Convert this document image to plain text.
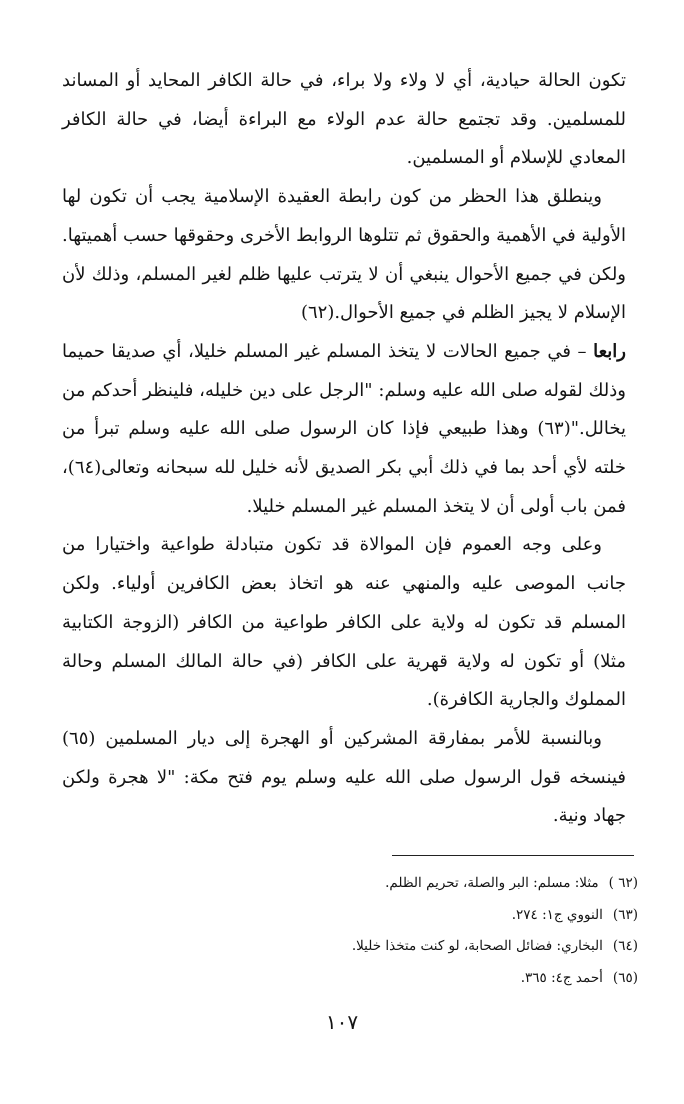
تكون الحالة حيادية، أي لا ولاء ولا براء، في حالة الكافر المحايد أو المساند للمسلمين. وقد تجتمع حالة عدم الولاء مع البراءة أيضا، في حالة الكافر المعادي للإسلام أو المسلمين.

وينطلق هذا الحظر من كون رابطة العقيدة الإسلامية يجب أن تكون لها الأولية في الأهمية والحقوق ثم تتلوها الروابط الأخرى وحقوقها حسب أهميتها. ولكن في جميع الأحوال ينبغي أن لا يترتب عليها ظلم لغير المسلم، وذلك لأن الإسلام لا يجيز الظلم في جميع الأحوال.(٦٢)

رابعا – في جميع الحالات لا يتخذ المسلم غير المسلم خليلا، أي صديقا حميما وذلك لقوله صلى الله عليه وسلم: "الرجل على دين خليله، فلينظر أحدكم من يخالل."(٦٣) وهذا طبيعي فإذا كان الرسول صلى الله عليه وسلم تبرأ من خلته لأي أحد بما في ذلك أبي بكر الصديق لأنه خليل لله سبحانه وتعالى(٦٤)، فمن باب أولى أن لا يتخذ المسلم غير المسلم خليلا.

وعلى وجه العموم فإن الموالاة قد تكون متبادلة طواعية واختيارا من جانب الموصى عليه والمنهي عنه هو اتخاذ بعض الكافرين أولياء. ولكن المسلم قد تكون له ولاية على الكافر طواعية من الكافر (الزوجة الكتابية مثلا) أو تكون له ولاية قهرية على الكافر (في حالة المالك المسلم وحالة المملوك والجارية الكافرة).

وبالنسبة للأمر بمفارقة المشركين أو الهجرة إلى ديار المسلمين (٦٥) فينسخه قول الرسول صلى الله عليه وسلم يوم فتح مكة: "لا هجرة ولكن جهاد ونية.

(٦٢ )مثلا: مسلم: البر والصلة، تحريم الظلم.

(٦٣)النووي ج١: ٢٧٤.

(٦٤)البخاري: فضائل الصحابة، لو كنت متخذا خليلا.

(٦٥)أحمد ج٤: ٣٦٥.

١٠٧
